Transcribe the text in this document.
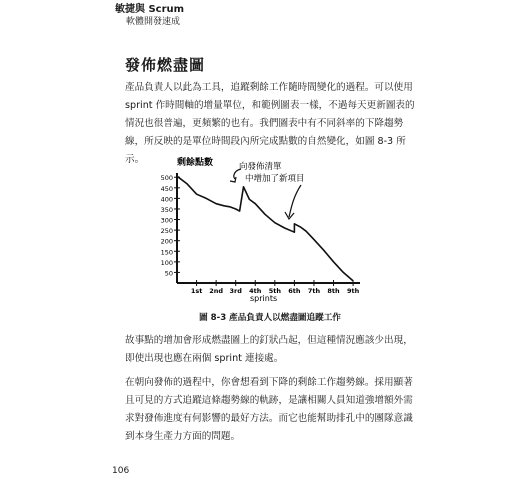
敏捷與 Scrum
軟體開發速成
發佈燃盡圖

產品負責人以此為工具，追蹤剩餘工作隨時間變化的過程。可以使用 sprint 作時間軸的增量單位，和範例圖表一樣，不過每天更新圖表的情況也很普遍，更頻繁的也有。我們圖表中有不同斜率的下降趨勢線，所反映的是單位時間段內所完成點數的自然變化，如圖 8-3 所示。

500
450
400
350
300
250
200
150
100
50
1st 2nd 3rd 4th 5th 6th 7th 8th 9th
剩餘點數	向發佈清單
中增加了新項目
sprints
圖 8-3 產品負責人以燃盡圖追蹤工作

故事點的增加會形成燃盡圖上的釘狀凸起，但這種情況應該少出現，即使出現也應在兩個 sprint 連接處。

在朝向發佈的過程中，你會想看到下降的剩餘工作趨勢線。採用顯著且可見的方式追蹤這條趨勢線的軌跡，是讓相關人員知道強增額外需求對發佈進度有何影響的最好方法。而它也能幫助排孔中的團隊意識到本身生產力方面的問題。

106
